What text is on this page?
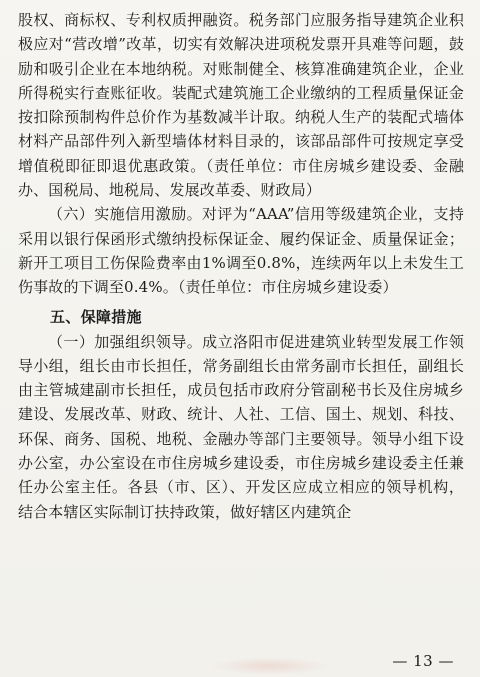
股权、商标权、专利权质押融资。税务部门应服务指导建筑企业积极应对“营改增”改革，切实有效解决进项税发票开具难等问题，鼓励和吸引企业在本地纳税。对账制健全、核算准确建筑企业，企业所得税实行查账征收。装配式建筑施工企业缴纳的工程质量保证金按扣除预制构件总价作为基数减半计取。纳税人生产的装配式墙体材料产品部件列入新型墙体材料目录的，该部品部件可按规定享受增值税即征即退优惠政策。（责任单位：市住房城乡建设委、金融办、国税局、地税局、发展改革委、财政局）

（六）实施信用激励。对评为“AAA”信用等级建筑企业，支持采用以银行保函形式缴纳投标保证金、履约保证金、质量保证金；新开工项目工伤保险费率由1%调至0.8%，连续两年以上未发生工伤事故的下调至0.4%。（责任单位：市住房城乡建设委）

五、保障措施

（一）加强组织领导。成立洛阳市促进建筑业转型发展工作领导小组，组长由市长担任，常务副组长由常务副市长担任，副组长由主管城建副市长担任，成员包括市政府分管副秘书长及住房城乡建设、发展改革、财政、统计、人社、工信、国土、规划、科技、环保、商务、国税、地税、金融办等部门主要领导。领导小组下设办公室，办公室设在市住房城乡建设委，市住房城乡建设委主任兼任办公室主任。各县（市、区）、开发区应成立相应的领导机构，结合本辖区实际制订扶持政策，做好辖区内建筑企

— 13 —
